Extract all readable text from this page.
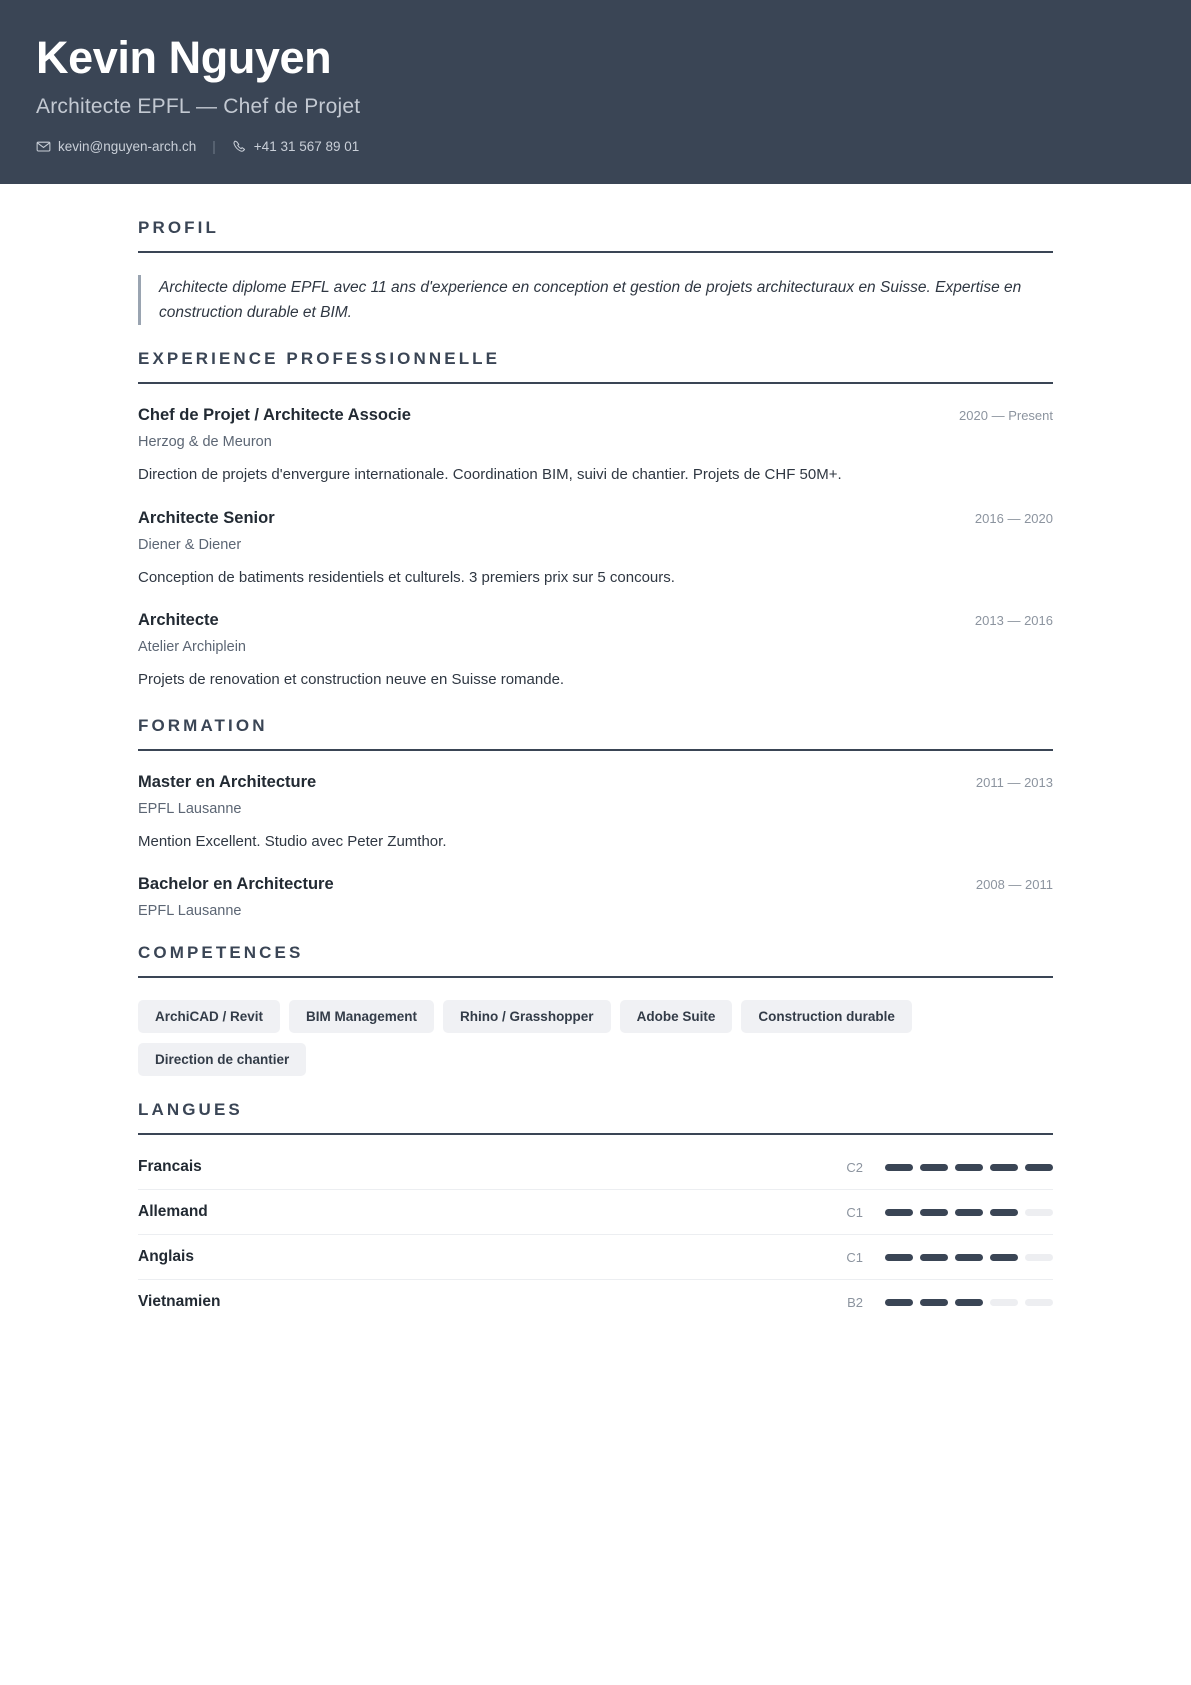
Kevin Nguyen
Architecte EPFL — Chef de Projet
kevin@nguyen-arch.ch |	+41 31 567 89 01
PROFIL
Architecte diplome EPFL avec 11 ans d'experience en conception et gestion de projets architecturaux en Suisse. Expertise en construction durable et BIM.
EXPERIENCE PROFESSIONNELLE
Chef de Projet / Architecte Associe	2020 — Present
Herzog & de Meuron
Direction de projets d'envergure internationale. Coordination BIM, suivi de chantier. Projets de CHF 50M+.
Architecte Senior	2016 — 2020
Diener & Diener
Conception de batiments residentiels et culturels. 3 premiers prix sur 5 concours.
Architecte	2013 — 2016
Atelier Archiplein
Projets de renovation et construction neuve en Suisse romande.
FORMATION
Master en Architecture	2011 — 2013
EPFL Lausanne
Mention Excellent. Studio avec Peter Zumthor.
Bachelor en Architecture	2008 — 2011
EPFL Lausanne
COMPETENCES
ArchiCAD / Revit	BIM Management	Rhino / Grasshopper	Adobe Suite	Construction durable
Direction de chantier
LANGUES
Francais	C2
Allemand	C1
Anglais	C1
Vietnamien	B2
